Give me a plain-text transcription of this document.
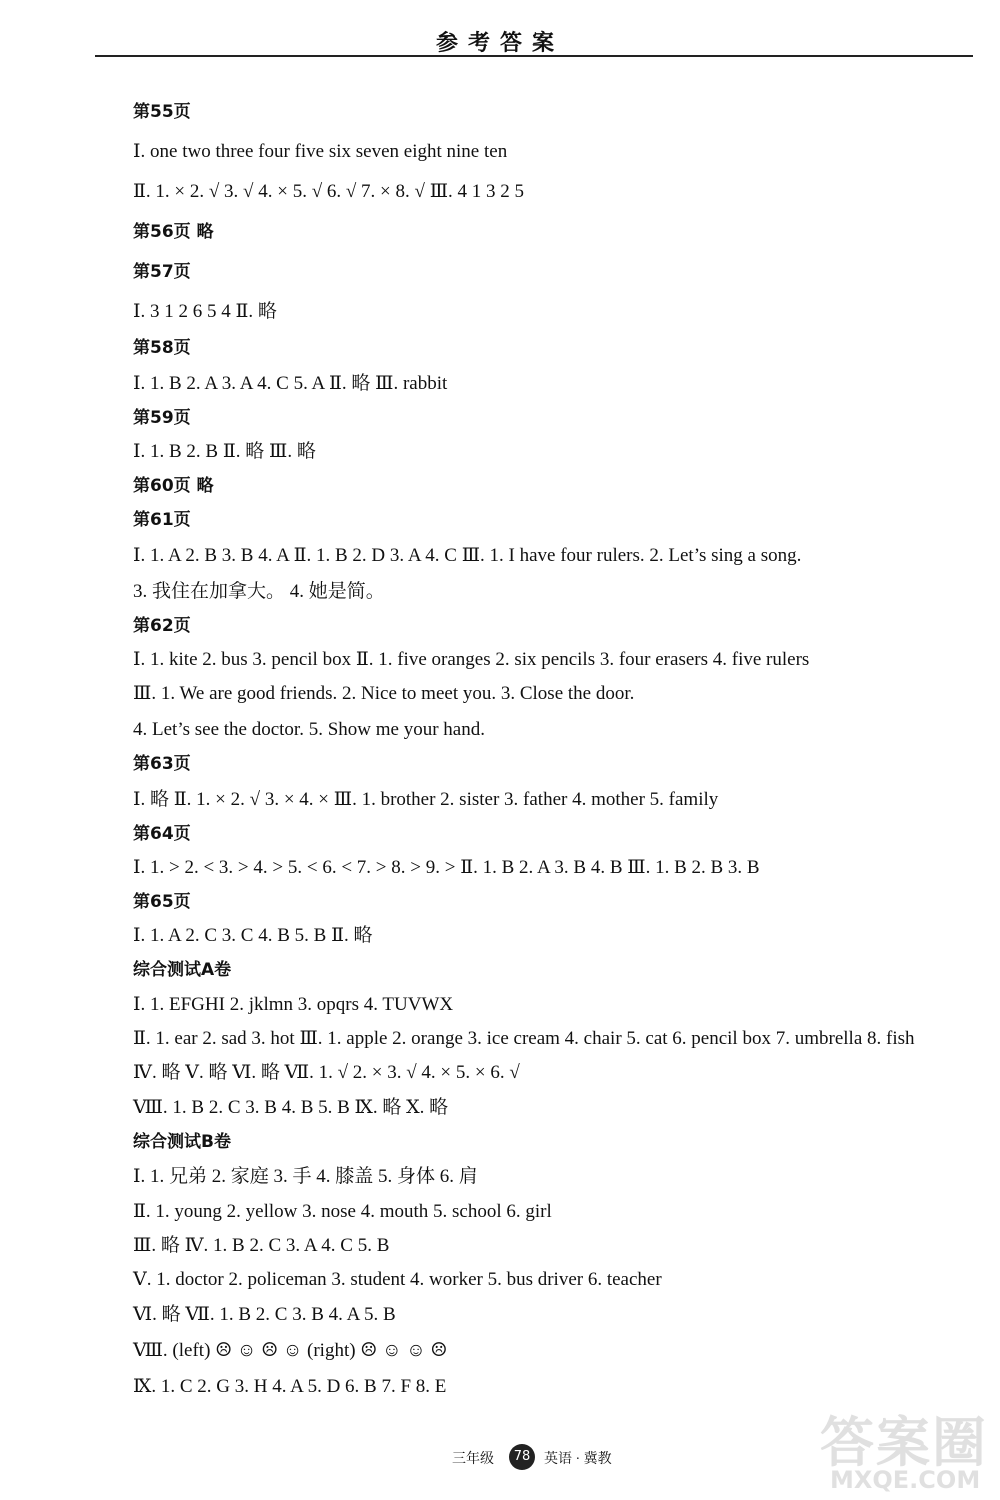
参考答案
第55页
Ⅰ. one two three four five six seven eight nine ten
Ⅱ. 1. × 2. √ 3. √ 4. × 5. √ 6. √ 7. × 8. √ Ⅲ. 4 1 3 2 5
第56页 略
第57页
Ⅰ. 3 1 2 6 5 4 Ⅱ. 略
第58页
Ⅰ. 1. B 2. A 3. A 4. C 5. A Ⅱ. 略 Ⅲ. rabbit
第59页
Ⅰ. 1. B 2. B Ⅱ. 略 Ⅲ. 略
第60页 略
第61页
Ⅰ. 1. A 2. B 3. B 4. A Ⅱ. 1. B 2. D 3. A 4. C Ⅲ. 1. I have four rulers. 2. Let’s sing a song.
3. 我住在加拿大。 4. 她是简。
第62页
Ⅰ. 1. kite 2. bus 3. pencil box Ⅱ. 1. five oranges 2. six pencils 3. four erasers 4. five rulers
Ⅲ. 1. We are good friends. 2. Nice to meet you. 3. Close the door.
4. Let’s see the doctor. 5. Show me your hand.
第63页
Ⅰ. 略 Ⅱ. 1. × 2. √ 3. × 4. × Ⅲ. 1. brother 2. sister 3. father 4. mother 5. family
第64页
Ⅰ. 1. > 2. < 3. > 4. > 5. < 6. < 7. > 8. > 9. > Ⅱ. 1. B 2. A 3. B 4. B Ⅲ. 1. B 2. B 3. B
第65页
Ⅰ. 1. A 2. C 3. C 4. B 5. B Ⅱ. 略
综合测试A卷
Ⅰ. 1. EFGHI 2. jklmn 3. opqrs 4. TUVWX
Ⅱ. 1. ear 2. sad 3. hot Ⅲ. 1. apple 2. orange 3. ice cream 4. chair 5. cat 6. pencil box 7. umbrella 8. fish
Ⅳ. 略 Ⅴ. 略 Ⅵ. 略 Ⅶ. 1. √ 2. × 3. √ 4. × 5. × 6. √
Ⅷ. 1. B 2. C 3. B 4. B 5. B Ⅸ. 略 Ⅹ. 略
综合测试B卷
Ⅰ. 1. 兄弟 2. 家庭 3. 手 4. 膝盖 5. 身体 6. 肩
Ⅱ. 1. young 2. yellow 3. nose 4. mouth 5. school 6. girl
Ⅲ. 略 Ⅳ. 1. B 2. C 3. A 4. C 5. B
Ⅴ. 1. doctor 2. policeman 3. student 4. worker 5. bus driver 6. teacher
Ⅵ. 略 Ⅶ. 1. B 2. C 3. B 4. A 5. B
Ⅷ. (left) ☹ ☺ ☹ ☺ (right) ☹ ☺ ☺ ☹
Ⅸ. 1. C 2. G 3. H 4. A 5. D 6. B 7. F 8. E
三年级	78 英语 · 冀教	答案圈
MXQE.COM
